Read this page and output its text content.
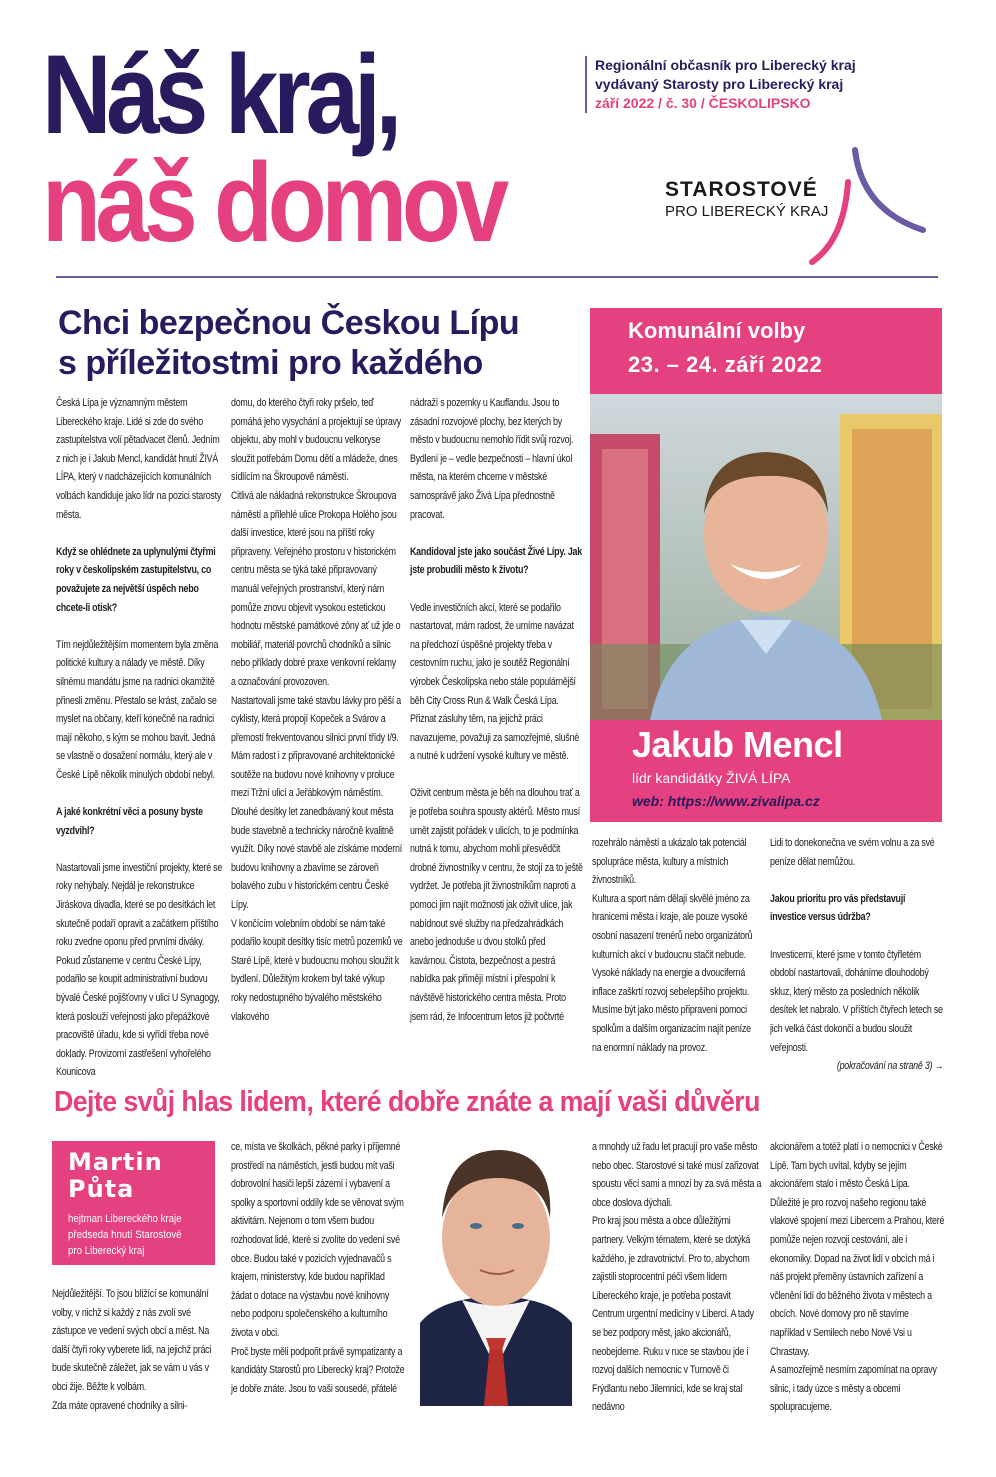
Náš kraj,
náš domov
Regionální občasník pro Liberecký kraj
vydávaný Starosty pro Liberecký kraj
září 2022 / č. 30 / ČESKOLIPSKO
STAROSTOVÉ
PRO LIBERECKÝ KRAJ
Chci bezpečnou Českou Lípu
s příležitostmi pro každého

Česká Lípa je významným městem Libereckého kraje. Lidé si zde do svého zastupitelstva volí pětadvacet členů. Jedním z nich je i Jakub Mencl, kandidát hnutí ŽIVÁ LÍPA, který v nadcházejících komunálních volbách kandiduje jako lídr na pozici starosty města.

Když se ohlédnete za uplynulými čtyřmi roky v českolipském zastupitelstvu, co považujete za největší úspěch nebo chcete-li otisk?

Tím nejdůležitějším momentem byla změna politické kultury a nálady ve městě. Díky silnému mandátu jsme na radnici okamžitě přinesli změnu. Přestalo se krást, začalo se myslet na občany, kteří konečně na radnici mají někoho, s kým se mohou bavit. Jedná se vlastně o dosažení normálu, který ale v České Lípě několik minulých období nebyl.

A jaké konkrétní věci a posuny byste vyzdvihl?

Nastartovali jsme investiční projekty, které se roky nehýbaly. Nejdál je rekonstrukce Jiráskova divadla, které se po desítkách let skutečně podaří opravit a začátkem příštího roku zvedne oponu před prvními diváky. Pokud zůstaneme v centru České Lípy, podařilo se koupit administrativní budovu bývalé České pojišťovny v ulici U Synagogy, která poslouží veřejnosti jako přepážkové pracoviště úřadu, kde si vyřídí třeba nové doklady. Provizorní zastřešení vyhořelého Kounicova

domu, do kterého čtyři roky pršelo, teď pomáhá jeho vysychání a projektují se úpravy objektu, aby mohl v budoucnu velkoryse sloužit potřebám Domu dětí a mládeže, dnes sídlícím na Škroupově náměstí.

Citlivá ale nákladná rekonstrukce Škroupova náměstí a přilehlé ulice Prokopa Holého jsou další investice, které jsou na příští roky připraveny. Veřejného prostoru v historickém centru města se týká také připravovaný manuál veřejných prostranství, který nám pomůže znovu objevit vysokou estetickou hodnotu městské památkové zóny ať už jde o mobiliář, materiál povrchů chodníků a silnic nebo příklady dobré praxe venkovní reklamy a označování provozoven.

Nastartovali jsme také stavbu lávky pro pěší a cyklisty, která propojí Kopeček a Svárov a přemostí frekventovanou silnici první třídy I/9. Mám radost i z připravované architektonické soutěže na budovu nové knihovny v proluce mezi Tržní ulicí a Jeřábkovým náměstím. Dlouhé desítky let zanedbávaný kout města bude stavebně a technicky náročně kvalitně využít. Díky nové stavbě ale získáme moderní budovu knihovny a zbavíme se zároveň bolavého zubu v historickém centru České Lípy.

V končícím volebním období se nám také podařilo koupit desítky tisíc metrů pozemků ve Staré Lípě, které v budoucnu mohou sloužit k bydlení. Důležitým krokem byl také výkup roky nedostupného bývalého městského vlakového

nádraží s pozemky u Kauflandu. Jsou to zásadní rozvojové plochy, bez kterých by město v budoucnu nemohlo řídit svůj rozvoj. Bydlení je – vedle bezpečnosti – hlavní úkol města, na kterém chceme v městské samosprávě jako Živá Lípa přednostně pracovat.

Kandidoval jste jako součást Živé Lípy. Jak jste probudili město k životu?

Vedle investičních akcí, které se podařilo nastartovat, mám radost, že umíme navázat na předchozí úspěšné projekty třeba v cestovním ruchu, jako je soutěž Regionální výrobek Českolipska nebo stále populárnější běh City Cross Run & Walk Česká Lípa. Přiznat zásluhy těm, na jejichž práci navazujeme, považuji za samozřejmé, slušné a nutné k udržení vysoké kultury ve městě.

Oživit centrum města je běh na dlouhou trať a je potřeba souhra spousty aktérů. Město musí umět zajistit pořádek v ulicích, to je podmínka nutná k tomu, abychom mohli přesvědčit drobné živnostníky v centru, že stojí za to ještě vydržet. Je potřeba jít živnostníkům naproti a pomoci jim najít možnosti jak oživit ulice, jak nabídnout své služby na předzahrádkách anebo jednoduše u dvou stolků před kavárnou. Čistota, bezpečnost a pestrá nabídka pak přimějí místní i přespolní k návštěvě historického centra města. Proto jsem rád, že Infocentrum letos již počtvrté

Komunální volby
23. – 24. září 2022
Jakub Mencl
lídr kandidátky ŽIVÁ LÍPA
web: https://www.zivalipa.cz

rozehrálo náměstí a ukázalo tak potenciál spolupráce města, kultury a místních živnostníků.

Kultura a sport nám dělají skvělé jméno za hranicemi města i kraje, ale pouze vysoké osobní nasazení trenérů nebo organizátorů kulturních akcí v budoucnu stačit nebude. Vysoké náklady na energie a dvouciferná inflace zaškrtí rozvoj sebelepšího projektu. Musíme být jako město připraveni pomoci spolkům a dalším organizacím najít peníze na enormní náklady na provoz.

Lidi to donekonečna ve svém volnu a za své peníze dělat nemůžou.

Jakou prioritu pro vás představují investice versus údržba?

Investicemi, které jsme v tomto čtyřletém období nastartovali, doháníme dlouhodobý skluz, který město za posledních několik desítek let nabralo. V příštích čtyřech letech se jich velká část dokončí a budou sloužit veřejnosti.

(pokračování na straně 3) →
Dejte svůj hlas lidem, které dobře znáte a mají vaši důvěru
Martin
Půta
hejtman Libereckého kraje
předseda hnutí Starostové
pro Liberecký kraj

Nejdůležitější. To jsou blížící se komunální volby, v nichž si každý z nás zvolí své zástupce ve vedení svých obcí a měst. Na další čtyři roky vyberete lidi, na jejichž práci bude skutečně záležet, jak se vám u vás v obci žije. Běžte k volbám.

Zda máte opravené chodníky a silni-

ce, místa ve školkách, pěkné parky i příjemné prostředí na náměstích, jestli budou mít vaši dobrovolní hasiči lepší zázemí i vybavení a spolky a sportovní oddíly kde se věnovat svým aktivitám. Nejenom o tom všem budou rozhodovat lidé, které si zvolíte do vedení své obce. Budou také v pozicích vyjednavačů s krajem, ministerstvy, kde budou například žádat o dotace na výstavbu nové knihovny nebo podporu společenského a kulturního života v obci.

Proč byste měli podpořit právě sympatizanty a kandidáty Starostů pro Liberecký kraj? Protože je dobře znáte. Jsou to vaši sousedé, přátelé

a mnohdy už řadu let pracují pro vaše město nebo obec. Starostové si také musí zařizovat spoustu věcí sami a mnozí by za svá města a obce doslova dýchali.

Pro kraj jsou města a obce důležitými partnery. Velkým tématem, které se dotýká každého, je zdravotnictví. Pro to, abychom zajistili stoprocentní péči všem lidem Libereckého kraje, je potřeba postavit Centrum urgentní medicíny v Liberci. A tady se bez podpory měst, jako akcionářů, neobejdeme. Ruku v ruce se stavbou jde i rozvoj dalších nemocnic v Turnově či Frýdlantu nebo Jilemnici, kde se kraj stal nedávno

akcionářem a totéž platí i o nemocnici v České Lípě. Tam bych uvítal, kdyby se jejím akcionářem stalo i město Česká Lípa.

Důležité je pro rozvoj našeho regionu také vlakové spojení mezi Libercem a Prahou, které pomůže nejen rozvoji cestování, ale i ekonomiky. Dopad na život lidí v obcích má i náš projekt přeměny ústavních zařízení a včlenění lidí do běžného života v městech a obcích. Nové domovy pro ně stavíme například v Semilech nebo Nové Vsi u Chrastavy.

A samozřejmě nesmím zapomínat na opravy silnic, i tady úzce s městy a obcemi spolupracujeme.
